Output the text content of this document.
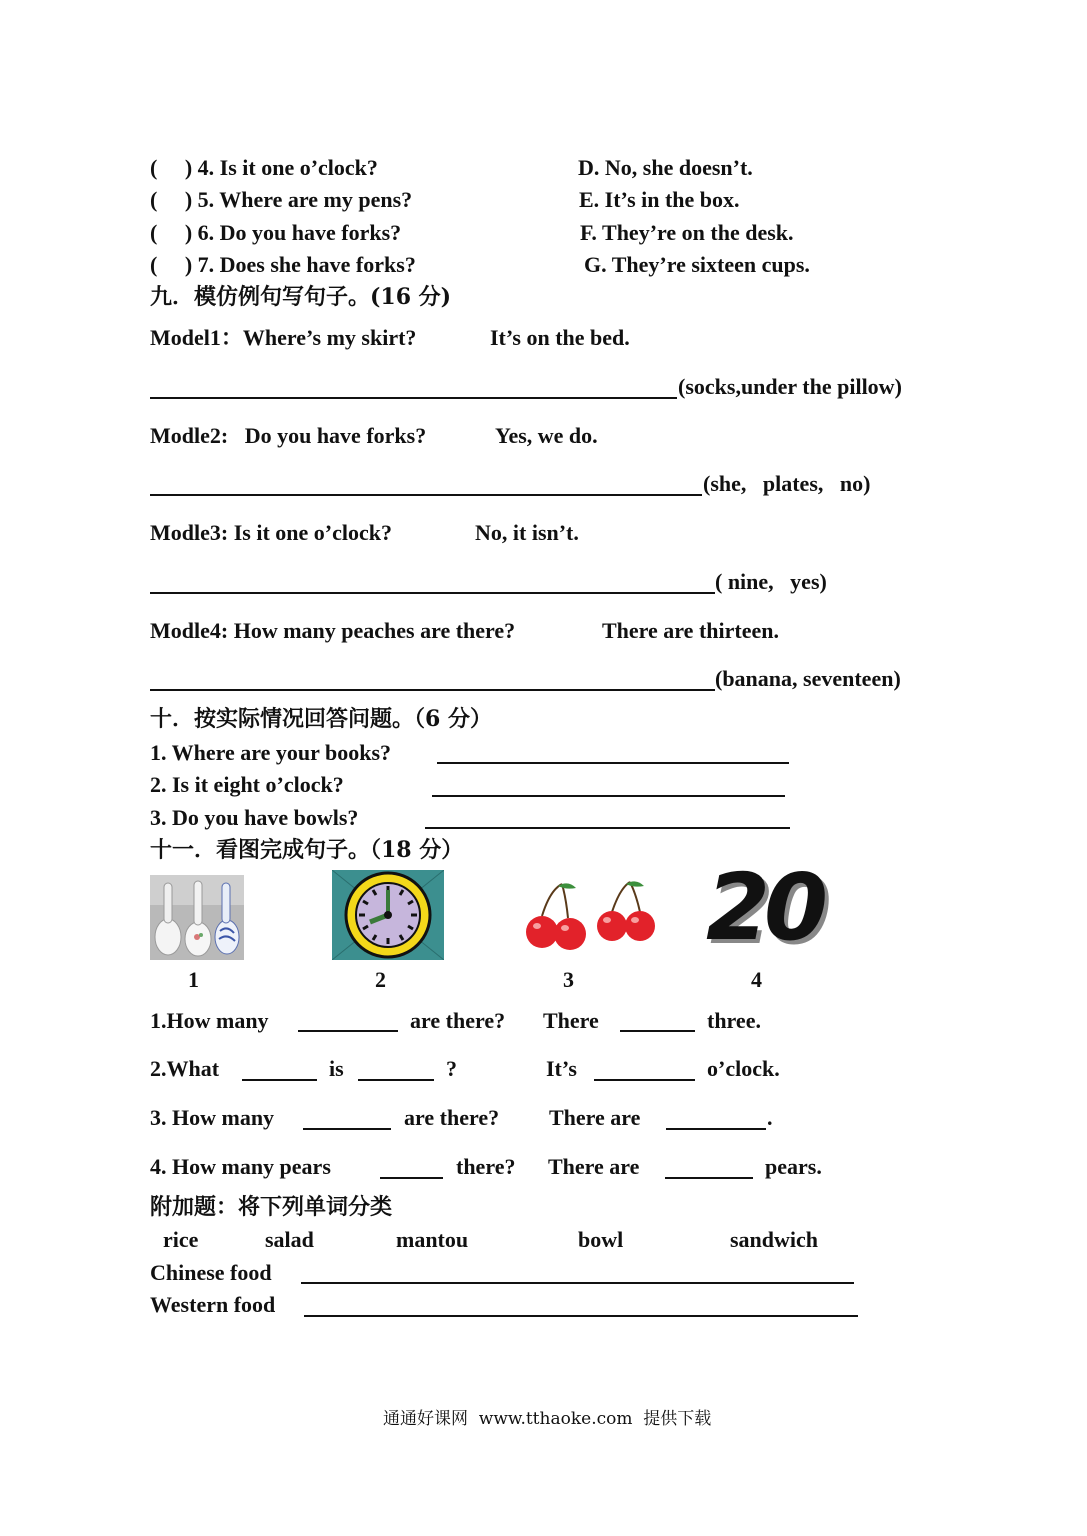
(     ) 4. Is it one o’clock?	D. No, she doesn’t.
(     ) 5. Where are my pens?	E. It’s in the box.
(     ) 6. Do you have forks?	F. They’re on the desk.
(     ) 7. Does she have forks?	G. They’re sixteen cups.
九．模仿例句写句子。(16 分)
Model1：Where’s my skirt?	It’s on the bed.
(socks,under the pillow)
Modle2:   Do you have forks?	Yes, we do.
(she,   plates,   no)
Modle3: Is it one o’clock?	No, it isn’t.
( nine,   yes)
Modle4: How many peaches are there?	There are thirteen.
(banana, seventeen)
十．按实际情况回答问题。（6 分）
1. Where are your books?
2. Is it eight o’clock?
3. Do you have bowls?
十一．看图完成句子。（18 分）
20
1	2	3	4
1.How many	are there? There	three.
2.What	is	?	It’s	o’clock.
3. How many	are there? There are	.
4. How many pears	there? There are	pears.
附加题：将下列单词分类
rice	salad	mantou	bowl	sandwich
Chinese food
Western food
通通好课网  www.tthaoke.com  提供下载
